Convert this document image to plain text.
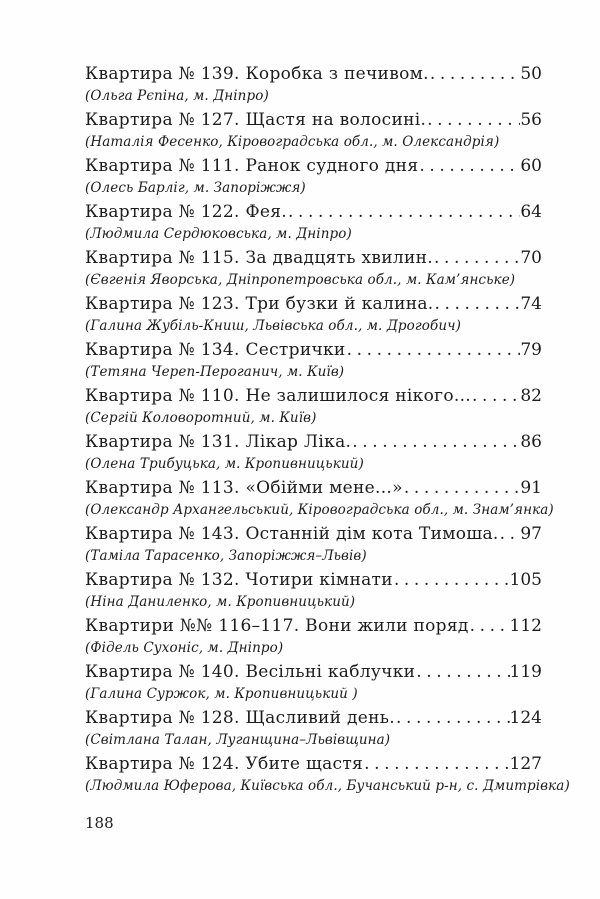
Квартира № 139. Коробка з печивом. .....	50
(Ольга Рєпіна, м. Дніпро)
Квартира № 127. Щастя на волосині. .....	56
(Наталія Фесенко, Кіровоградська обл., м. Олександрія)
Квартира № 111. Ранок судного дня .....	60
(Олесь Барліг, м. Запоріжжя)
Квартира № 122. Фея. .....	64
(Людмила Сердюковська, м. Дніпро)
Квартира № 115. За двадцять хвилин. .....	70
(Євгенія Яворська, Дніпропетровська обл., м. Кам’янське)
Квартира № 123. Три бузки й калина. .....	74
(Галина Жубіль-Книш, Львівська обл., м. Дрогобич)
Квартира № 134. Сестрички .....	79
(Тетяна Череп-Пероганич, м. Київ)
Квартира № 110. Не залишилося нікого... .....	82
(Сергій Коловоротний, м. Київ)
Квартира № 131. Лікар Ліка. .....	86
(Олена Трибуцька, м. Кропивницький)
Квартира № 113. «Обійми мене...» .....	91
(Олександр Архангельський, Кіровоградська обл., м. Знам’янка)
Квартира № 143. Останній дім кота Тимоша. ..... 97
(Таміла Тарасенко, Запоріжжя–Львів)
Квартира № 132. Чотири кімнати .....	105
(Ніна Даниленко, м. Кропивницький)
Квартири №№ 116–117. Вони жили поряд ..... 112
(Фідель Сухоніс, м. Дніпро)
Квартира № 140. Весільні каблучки .....	119
(Галина Суржок, м. Кропивницький )
Квартира № 128. Щасливий день. .....	124
(Світлана Талан, Луганщина–Львівщина)
Квартира № 124. Убите щастя .....	127
(Людмила Юферова, Київська обл., Бучанський р-н, с. Дмитрівка)
188
